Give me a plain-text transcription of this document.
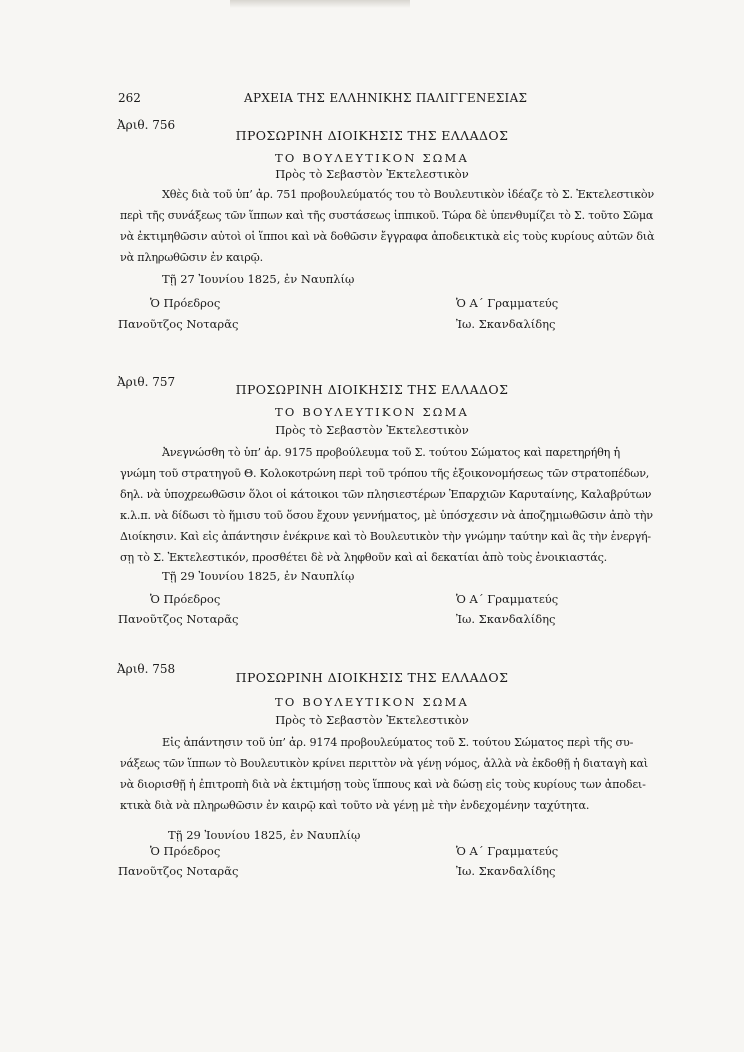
262	ΑΡΧΕΙΑ ΤΗΣ ΕΛΛΗΝΙΚΗΣ ΠΑΛΙΓΓΕΝΕΣΙΑΣ
Ἀριθ. 756
ΠΡΟΣΩΡΙΝΗ ΔΙΟΙΚΗΣΙΣ ΤΗΣ ΕΛΛΑΔΟΣ
ΤΟ ΒΟΥΛΕΥΤΙΚΟΝ ΣΩΜΑ
Πρὸς τὸ Σεβαστὸν Ἐκτελεστικὸν
Χθὲς διὰ τοῦ ὑπ’ ἀρ. 751 προβουλεύματός του τὸ Βουλευτικὸν ἰδέαζε τὸ Σ. Ἐκτελεστικὸν
περὶ τῆς συνάξεως τῶν ἵππων καὶ τῆς συστάσεως ἱππικοῦ. Τώρα δὲ ὑπενθυμίζει τὸ Σ. τοῦτο Σῶμα
νὰ ἐκτιμηθῶσιν αὐτοὶ οἱ ἵπποι καὶ νὰ δοθῶσιν ἔγγραφα ἀποδεικτικὰ εἰς τοὺς κυρίους αὐτῶν διὰ
νὰ πληρωθῶσιν ἐν καιρῷ.
Τῇ 27 Ἰουνίου 1825, ἐν Ναυπλίῳ
Ὁ Πρόεδρος
Πανοῦτζος Νοταρᾶς
Ὁ Α΄ Γραμματεύς
Ἰω. Σκανδαλίδης
Ἀριθ. 757	ΠΡΟΣΩΡΙΝΗ ΔΙΟΙΚΗΣΙΣ ΤΗΣ ΕΛΛΑΔΟΣ
ΤΟ ΒΟΥΛΕΥΤΙΚΟΝ ΣΩΜΑ
Πρὸς τὸ Σεβαστὸν Ἐκτελεστικὸν
Ἀνεγνώσθη τὸ ὑπ’ ἀρ. 9175 προβούλευμα τοῦ Σ. τούτου Σώματος καὶ παρετηρήθη ἡ
γνώμη τοῦ στρατηγοῦ Θ. Κολοκοτρώνη περὶ τοῦ τρόπου τῆς ἐξοικονομήσεως τῶν στρατοπέδων,
δηλ. νὰ ὑποχρεωθῶσιν ὅλοι οἱ κάτοικοι τῶν πλησιεστέρων Ἐπαρχιῶν Καρυταίνης, Καλαβρύτων
κ.λ.π. νὰ δίδωσι τὸ ἥμισυ τοῦ ὅσου ἔχουν γεννήματος, μὲ ὑπόσχεσιν νὰ ἀποζημιωθῶσιν ἀπὸ τὴν
Διοίκησιν. Καὶ εἰς ἀπάντησιν ἐνέκρινε καὶ τὸ Βουλευτικὸν τὴν γνώμην ταύτην καὶ ἂς τὴν ἐνεργή-
σῃ τὸ Σ. Ἐκτελεστικόν, προσθέτει δὲ νὰ ληφθοῦν καὶ αἱ δεκατίαι ἀπὸ τοὺς ἐνοικιαστάς.
Τῇ 29 Ἰουνίου 1825, ἐν Ναυπλίῳ
Ὁ Πρόεδρος
Πανοῦτζος Νοταρᾶς
Ὁ Α΄ Γραμματεύς
Ἰω. Σκανδαλίδης
Ἀριθ. 758
ΠΡΟΣΩΡΙΝΗ ΔΙΟΙΚΗΣΙΣ ΤΗΣ ΕΛΛΑΔΟΣ
ΤΟ ΒΟΥΛΕΥΤΙΚΟΝ ΣΩΜΑ
Πρὸς τὸ Σεβαστὸν Ἐκτελεστικὸν
Εἰς ἀπάντησιν τοῦ ὑπ’ ἀρ. 9174 προβουλεύματος τοῦ Σ. τούτου Σώματος περὶ τῆς συ-
νάξεως τῶν ἵππων τὸ Βουλευτικὸν κρίνει περιττὸν νὰ γένῃ νόμος, ἀλλὰ νὰ ἐκδοθῇ ἡ διαταγὴ καὶ
νὰ διορισθῇ ἡ ἐπιτροπὴ διὰ νὰ ἐκτιμήσῃ τοὺς ἵππους καὶ νὰ δώσῃ εἰς τοὺς κυρίους των ἀποδει-
κτικὰ διὰ νὰ πληρωθῶσιν ἐν καιρῷ καὶ τοῦτο νὰ γένῃ μὲ τὴν ἐνδεχομένην ταχύτητα.
Τῇ 29 Ἰουνίου 1825, ἐν Ναυπλίῳ
Ὁ Πρόεδρος
Πανοῦτζος Νοταρᾶς
Ὁ Α΄ Γραμματεύς
Ἰω. Σκανδαλίδης
